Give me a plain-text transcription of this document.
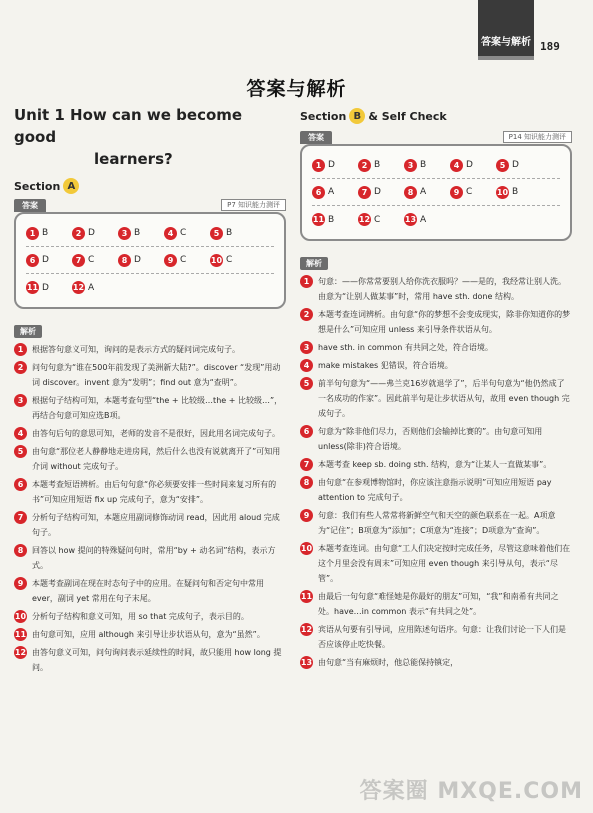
答案与解析 189
答案与解析
Unit 1 How can we become good
learners?
Section A
答案	P7 知识能力测评
1 B	2 D	3 B	4 C	5 B
6 D	7 C	8 D	9 C	10 C
11 D	12 A
解析
1	根据答句意义可知，询问的是表示方式的疑问词完成句子。
2	问句句意为“谁在500年前发现了美洲新大陆?”。discover “发现”用动词 discover。invent 意为“发明”；find out 意为“查明”。
3	根据句子结构可知，本题考查句型“the + 比较级…the + 比较级…”，再结合句意可知应选B项。
4	由答句后句的意思可知，老师的发音不是很好，因此用名词完成句子。
5	由句意“那位老人静静地走进房间，然后什么也没有说就离开了”可知用介词 without 完成句子。
6	本题考查短语辨析。由后句句意“你必须要安排一些时间来复习所有的书”可知应用短语 fix up 完成句子，意为“安排”。
7	分析句子结构可知，本题应用副词修饰动词 read，因此用 aloud 完成句子。
8	回答以 how 提问的特殊疑问句时，常用“by + 动名词”结构，表示方式。
9	本题考查副词在现在时态句子中的应用。在疑问句和否定句中常用 ever，副词 yet 常用在句子末尾。
10 分析句子结构和意义可知，用 so that 完成句子，表示目的。
11 由句意可知，应用 although 来引导让步状语从句，意为“虽然”。
12 由答句意义可知，问句询问表示延续性的时间，故只能用 how long 提问。
Section B & Self Check
答案	P14 知识能力测评
1 D	2 B	3 B	4 D	5 D
6 A	7 D	8 A	9 C	10 B
11 B	12 C	13 A
解析
1	句意：——你常常要别人给你洗衣服吗？——是的，我经常让别人洗。由意为“让别人做某事”时，常用 have sth. done 结构。
2	本题考查连词辨析。由句意“你的梦想不会变成现实，除非你知道你的梦想是什么”可知应用 unless 来引导条件状语从句。
3	have sth. in common 有共同之处，符合语境。
4	make mistakes 犯错误，符合语境。
5	前半句句意为“——弗兰克16岁就退学了”，后半句句意为“他仍然成了一名成功的作家”。因此前半句是让步状语从句，故用 even though 完成句子。
6	句意为“除非他们尽力，否则他们会输掉比赛的”。由句意可知用 unless(除非)符合语境。
7	本题考查 keep sb. doing sth. 结构，意为“让某人一直做某事”。
8	由句意“在参观博物馆时，你应该注意指示说明”可知应用短语 pay attention to 完成句子。
9	句意：我们有些人常常将新鲜空气和天空的颜色联系在一起。A项意为“记住”；B项意为“添加”；C项意为“连接”；D项意为“查询”。
10 本题考查连词。由句意“工人们决定按时完成任务，尽管这意味着他们在这个月里会没有周末”可知应用 even though 来引导从句，表示“尽管”。
11 由最后一句句意“难怪她是你最好的朋友”可知，“我”和南希有共同之处。have…in common 表示“有共同之处”。
12 宾语从句要有引导词，应用陈述句语序。句意：让我们讨论一下人们是否应该停止吃快餐。
13 由句意“当有麻烦时，他总能保持镇定，
答案圈 MXQE.COM
